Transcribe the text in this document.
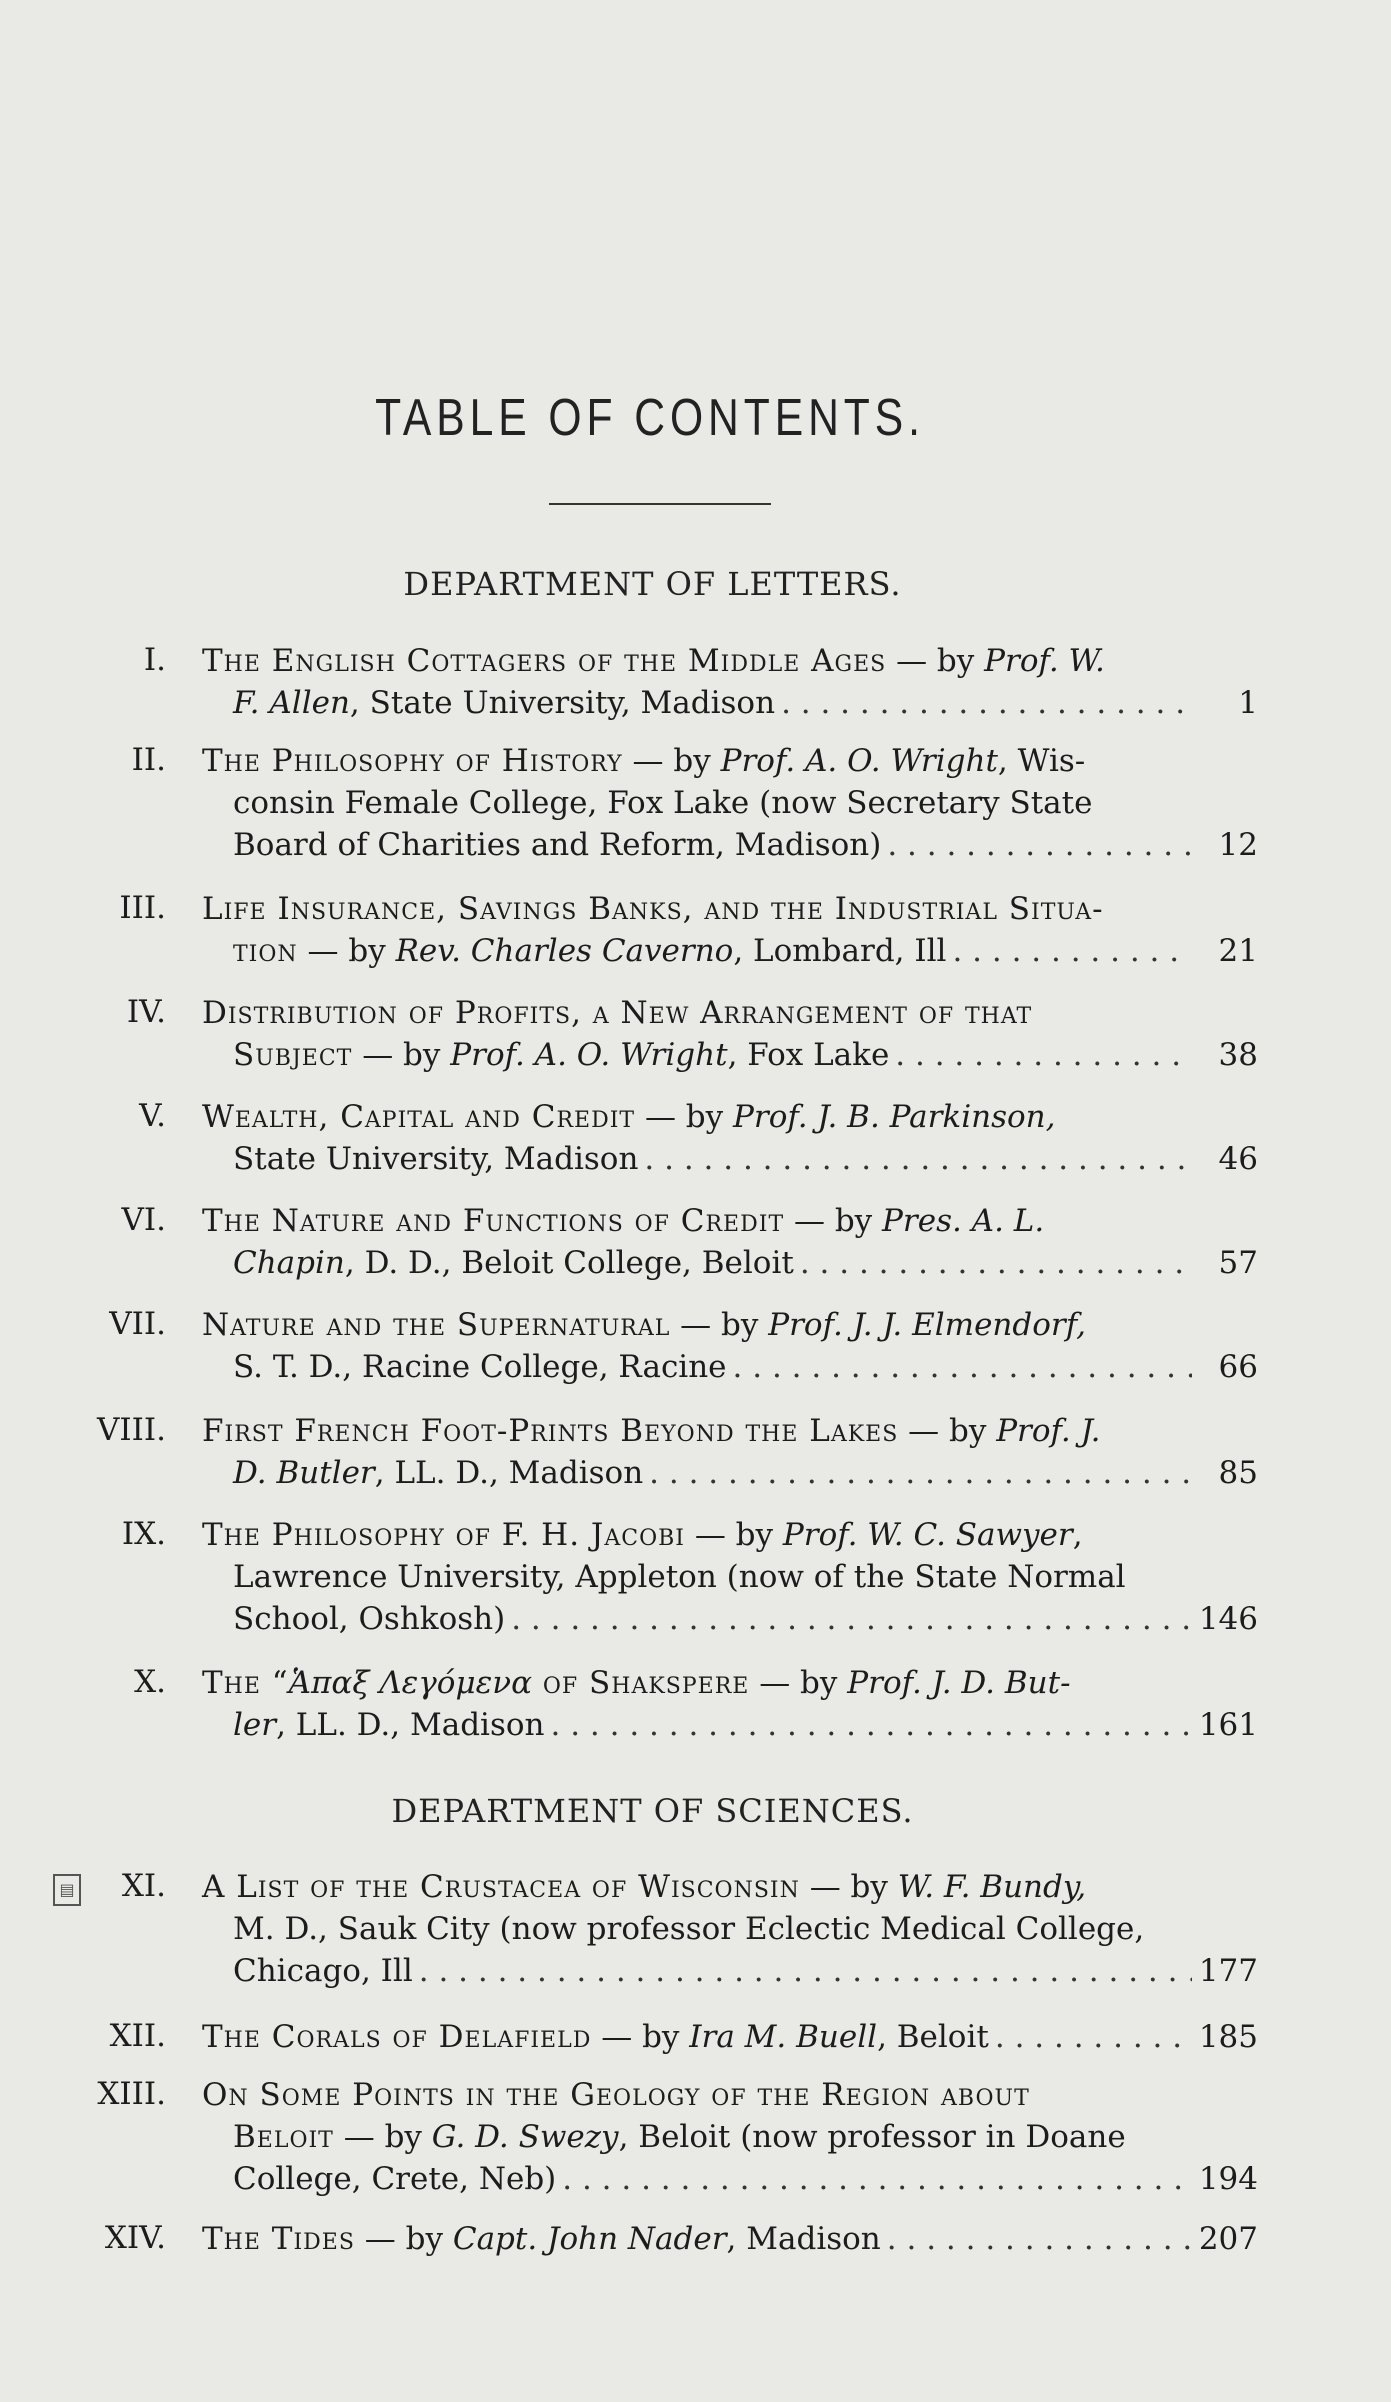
TABLE OF CONTENTS.
DEPARTMENT OF LETTERS.
I. The English Cottagers of the Middle Ages — by Prof. W.
F. Allen, State University, Madison . . .	1
II. The Philosophy of History — by Prof. A. O. Wright, Wis-
consin Female College, Fox Lake (now Secretary State
Board of Charities and Reform, Madison) . . .	12
III. Life Insurance, Savings Banks, and the Industrial Situa-
tion — by Rev. Charles Caverno, Lombard, Ill . . .	21
IV. Distribution of Profits, a New Arrangement of that
Subject — by Prof. A. O. Wright, Fox Lake . . .	38
V. Wealth, Capital and Credit — by Prof. J. B. Parkinson,
State University, Madison . . .	46
VI. The Nature and Functions of Credit — by Pres. A. L.
Chapin, D. D., Beloit College, Beloit . . .	57
VII. Nature and the Supernatural — by Prof. J. J. Elmendorf,
S. T. D., Racine College, Racine . . .	66
VIII. First French Foot-Prints Beyond the Lakes — by Prof. J.
D. Butler, LL. D., Madison . . .	85
IX. The Philosophy of F. H. Jacobi — by Prof. W. C. Sawyer,
Lawrence University, Appleton (now of the State Normal
School, Oshkosh) . . .	146
X. The “Ἁπαξ Λεγόμενα of Shakspere — by Prof. J. D. But-
ler, LL. D., Madison . . .	161
DEPARTMENT OF SCIENCES.
▤ XI. A List of the Crustacea of Wisconsin — by W. F. Bundy,
M. D., Sauk City (now professor Eclectic Medical College,
Chicago, Ill . . .	177
XII. The Corals of Delafield — by Ira M. Buell, Beloit . . .	185
XIII. On Some Points in the Geology of the Region about
Beloit — by G. D. Swezy, Beloit (now professor in Doane
College, Crete, Neb) . . .	194
XIV. The Tides — by Capt. John Nader, Madison . . .	207
